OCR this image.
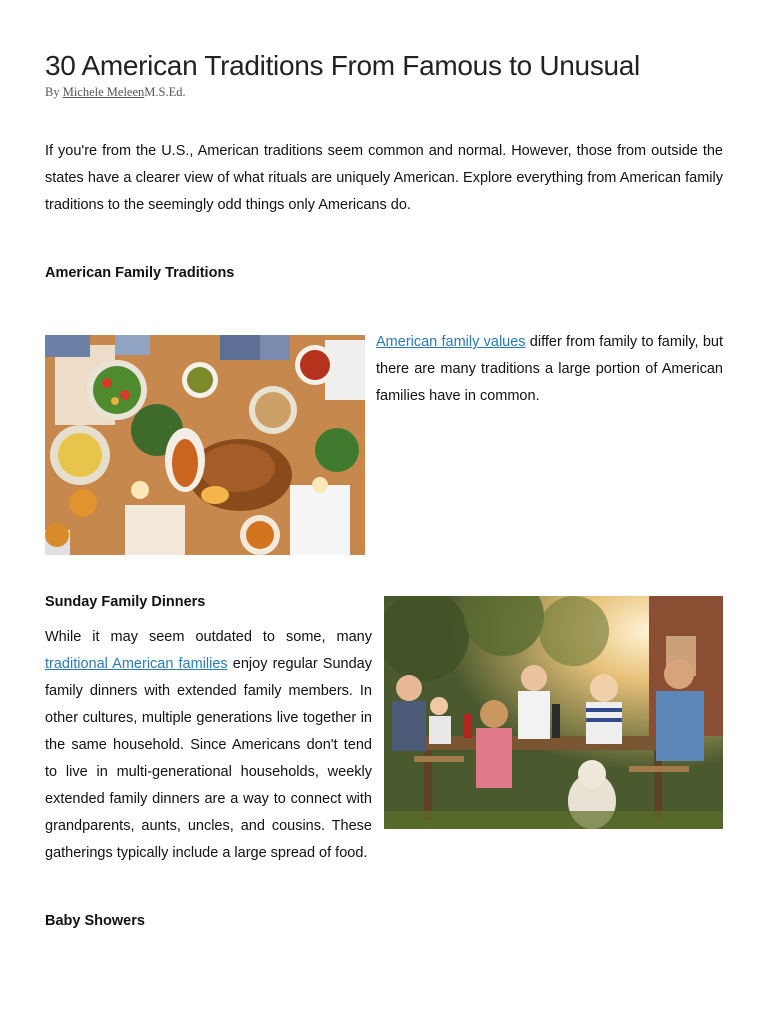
30 American Traditions From Famous to Unusual
By Michele MeleenM.S.Ed.

If you're from the U.S., American traditions seem common and normal. However, those from outside the states have a clearer view of what rituals are uniquely American. Explore everything from American family traditions to the seemingly odd things only Americans do.

American Family Traditions

American family values differ from family to family, but there are many traditions a large portion of American families have in common.

Sunday Family Dinners

While it may seem outdated to some, many traditional American families enjoy regular Sunday family dinners with extended family members. In other cultures, multiple generations live together in the same household. Since Americans don't tend to live in multi-generational households, weekly extended family dinners are a way to connect with grandparents, aunts, uncles, and cousins. These gatherings typically include a large spread of food.

Baby Showers
